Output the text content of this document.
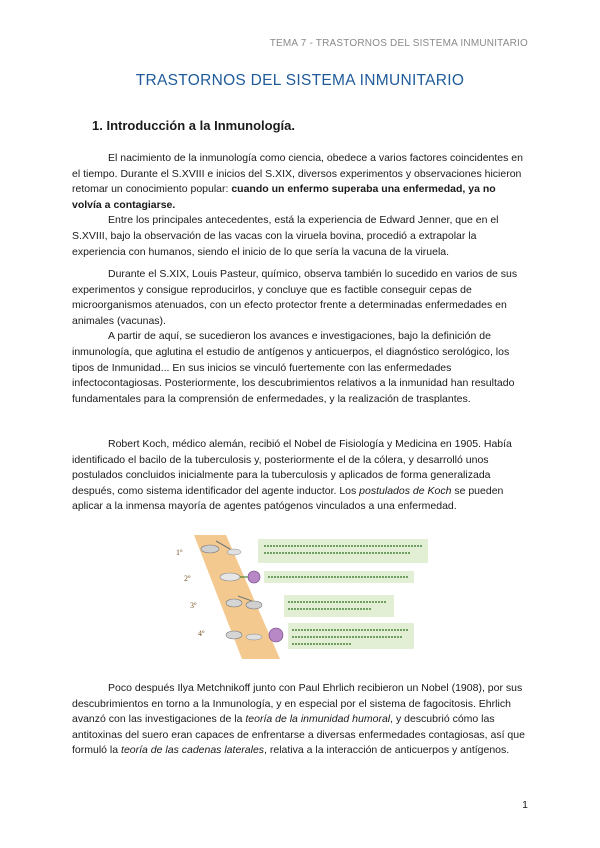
TEMA 7 - TRASTORNOS DEL SISTEMA INMUNITARIO
TRASTORNOS DEL SISTEMA INMUNITARIO
1. Introducción a la Inmunología.

El nacimiento de la inmunología como ciencia, obedece a varios factores coincidentes en el tiempo. Durante el S.XVIII e inicios del S.XIX, diversos experimentos y observaciones hicieron retomar un conocimiento popular: cuando un enfermo superaba una enfermedad, ya no volvía a contagiarse.

Entre los principales antecedentes, está la experiencia de Edward Jenner, que en el S.XVIII, bajo la observación de las vacas con la viruela bovina, procedió a extrapolar la experiencia con humanos, siendo el inicio de lo que sería la vacuna de la viruela.

Durante el S.XIX, Louis Pasteur, químico, observa también lo sucedido en varios de sus experimentos y consigue reproducirlos, y concluye que es factible conseguir cepas de microorganismos atenuados, con un efecto protector frente a determinadas enfermedades en animales (vacunas).

A partir de aquí, se sucedieron los avances e investigaciones, bajo la definición de inmunología, que aglutina el estudio de antígenos y anticuerpos, el diagnóstico serológico, los tipos de Inmunidad... En sus inicios se vinculó fuertemente con las enfermedades infectocontagiosas. Posteriormente, los descubrimientos relativos a la inmunidad han resultado fundamentales para la comprensión de enfermedades, y la realización de trasplantes.

Robert Koch, médico alemán, recibió el Nobel de Fisiología y Medicina en 1905. Había identificado el bacilo de la tuberculosis y, posteriormente el de la cólera, y desarrolló unos postulados concluidos inicialmente para la tuberculosis y aplicados de forma generalizada después, como sistema identificador del agente inductor. Los postulados de Koch se pueden aplicar a la inmensa mayoría de agentes patógenos vinculados a una enfermedad.

1º
2º
3º
4º

Poco después Ilya Metchnikoff junto con Paul Ehrlich recibieron un Nobel (1908), por sus descubrimientos en torno a la Inmunología, y en especial por el sistema de fagocitosis. Ehrlich avanzó con las investigaciones de la teoría de la inmunidad humoral, y descubrió cómo las antitoxinas del suero eran capaces de enfrentarse a diversas enfermedades contagiosas, así que formuló la teoría de las cadenas laterales, relativa a la interacción de anticuerpos y antígenos.

1
